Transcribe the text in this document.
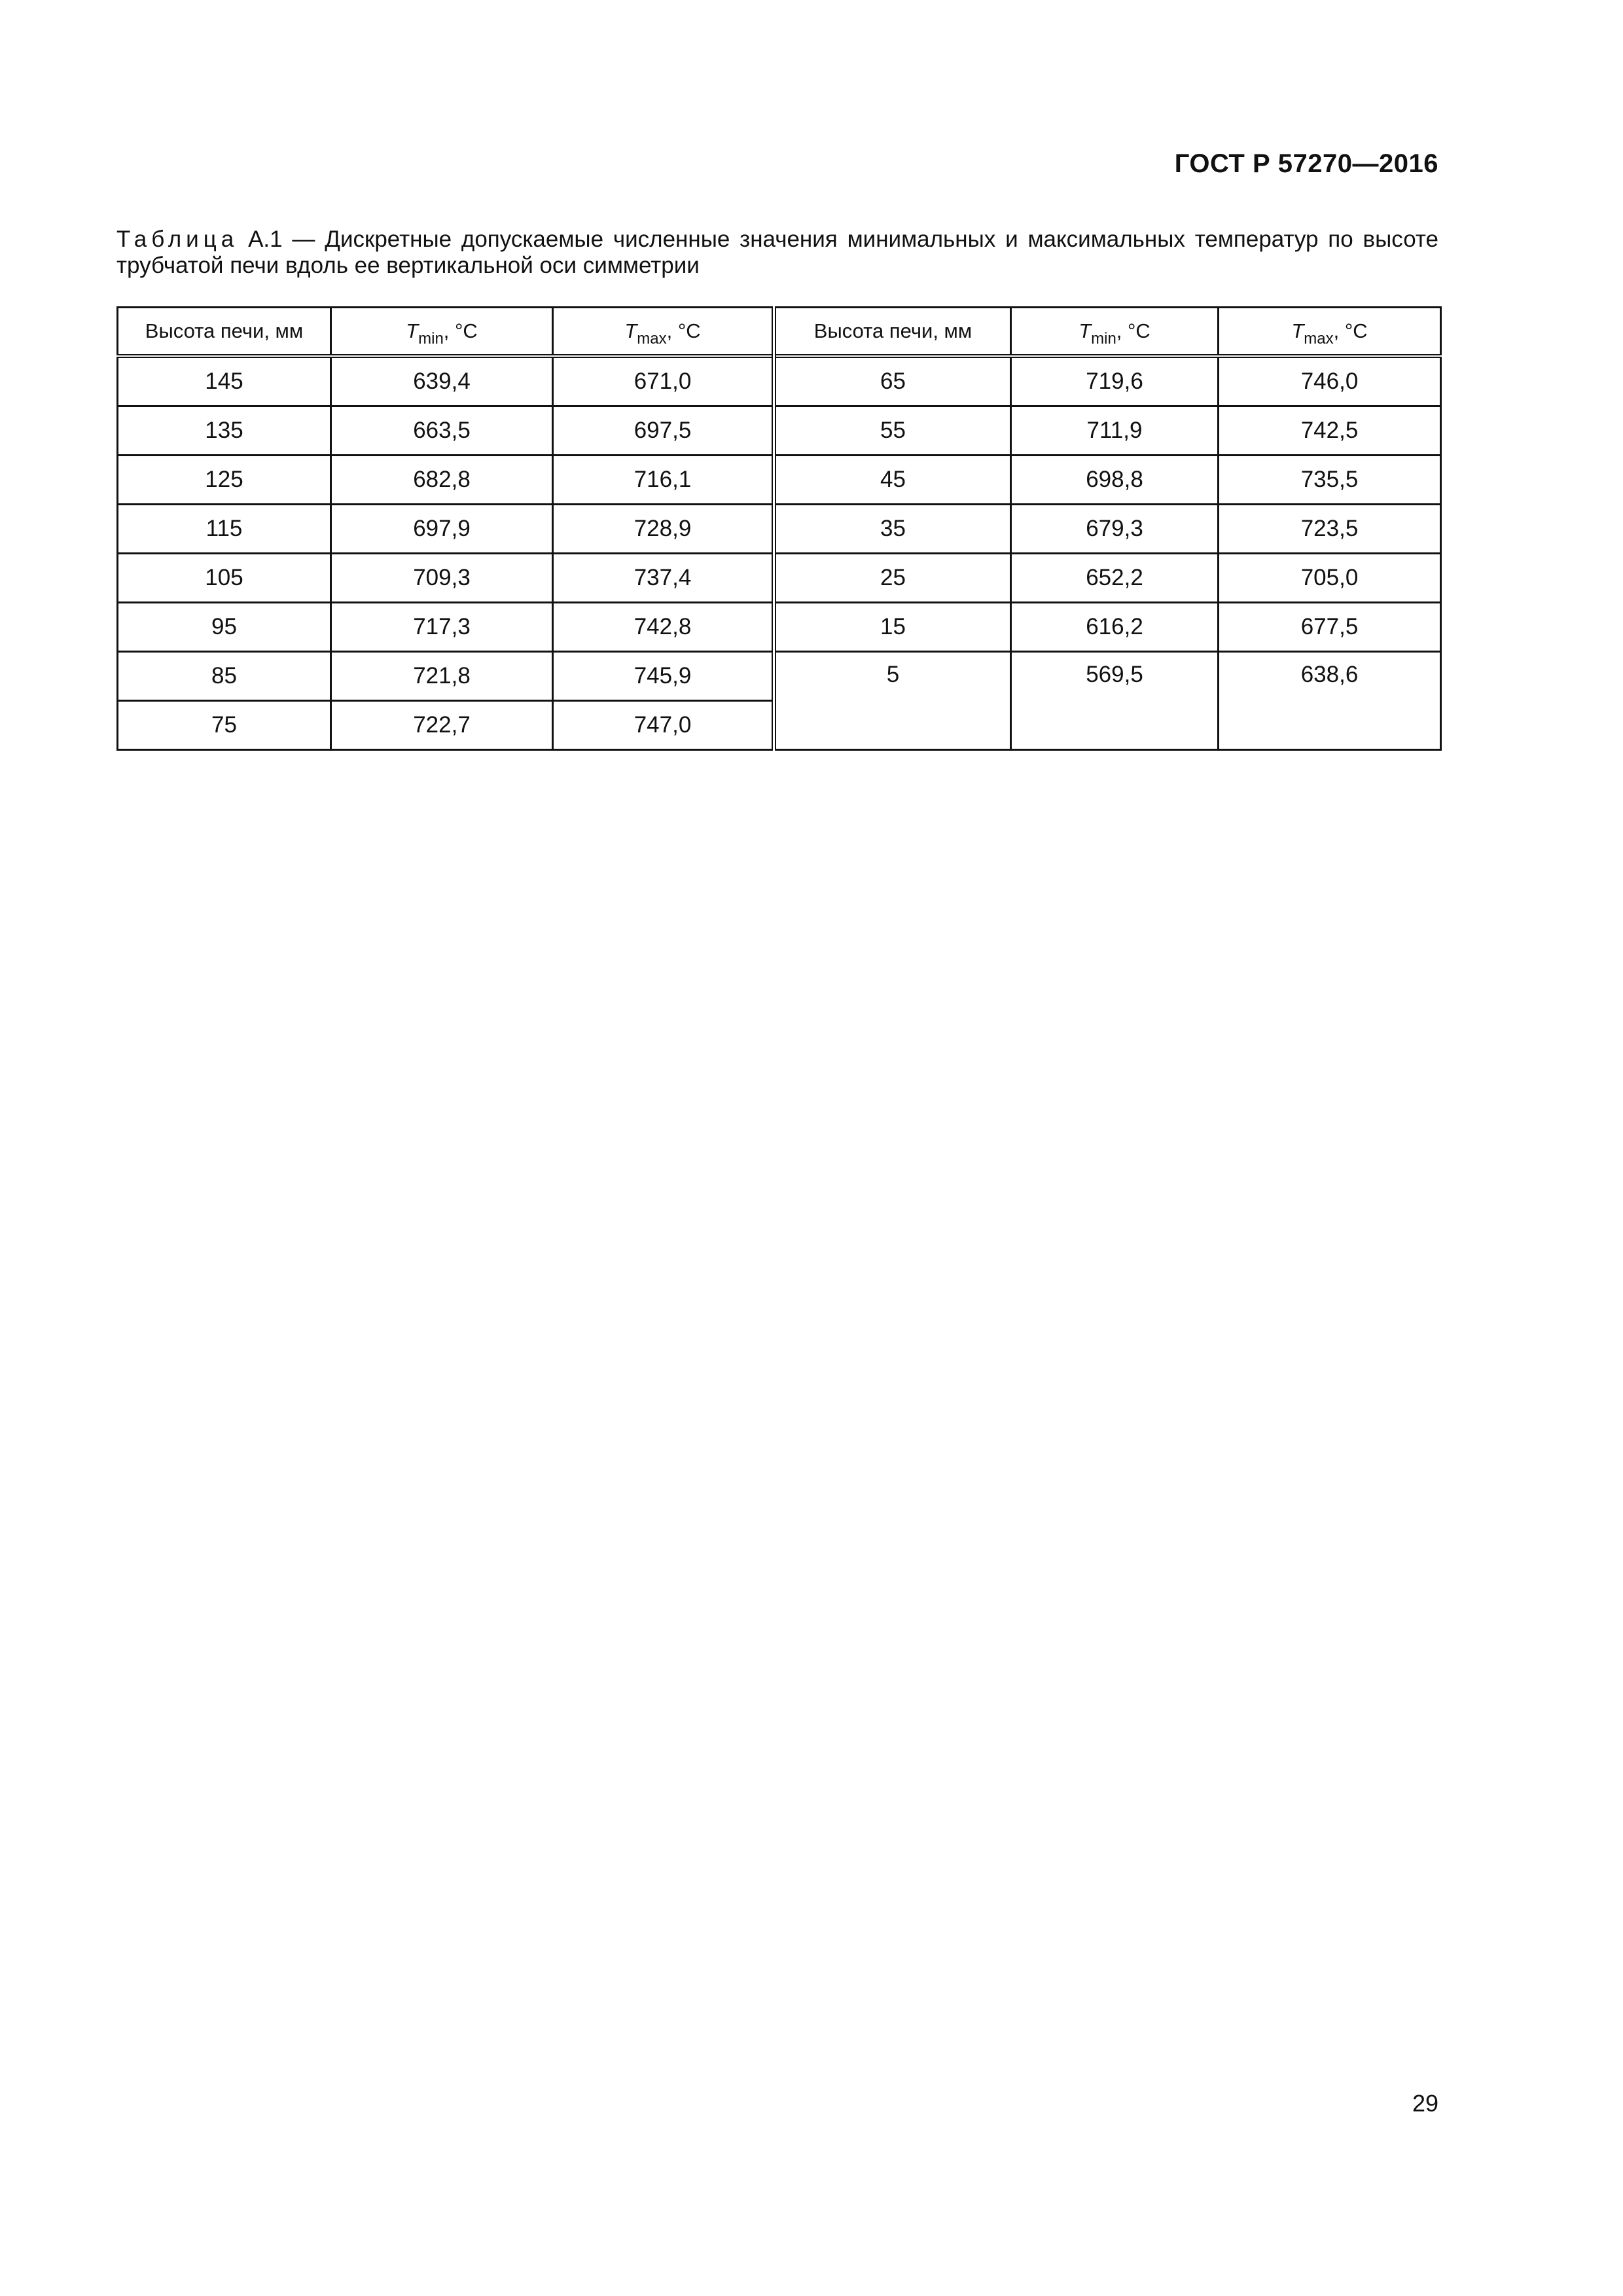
ГОСТ Р 57270—2016
Таблица А.1 — Дискретные допускаемые численные значения минимальных и максимальных температур по высоте трубчатой печи вдоль ее вертикальной оси симметрии
Высота печи, мм	$T_{min}$, °C	$T_{max}$, °C	Высота печи, мм	$T_{min}$, °C	$T_{max}$, °C
145	639,4	671,0	65	719,6	746,0
135	663,5	697,5	55	711,9	742,5
125	682,8	716,1	45	698,8	735,5
115	697,9	728,9	35	679,3	723,5
105	709,3	737,4	25	652,2	705,0
95	717,3	742,8	15	616,2	677,5
85	721,8	745,9	5	569,5	638,6
75	722,7	747,0			
29
